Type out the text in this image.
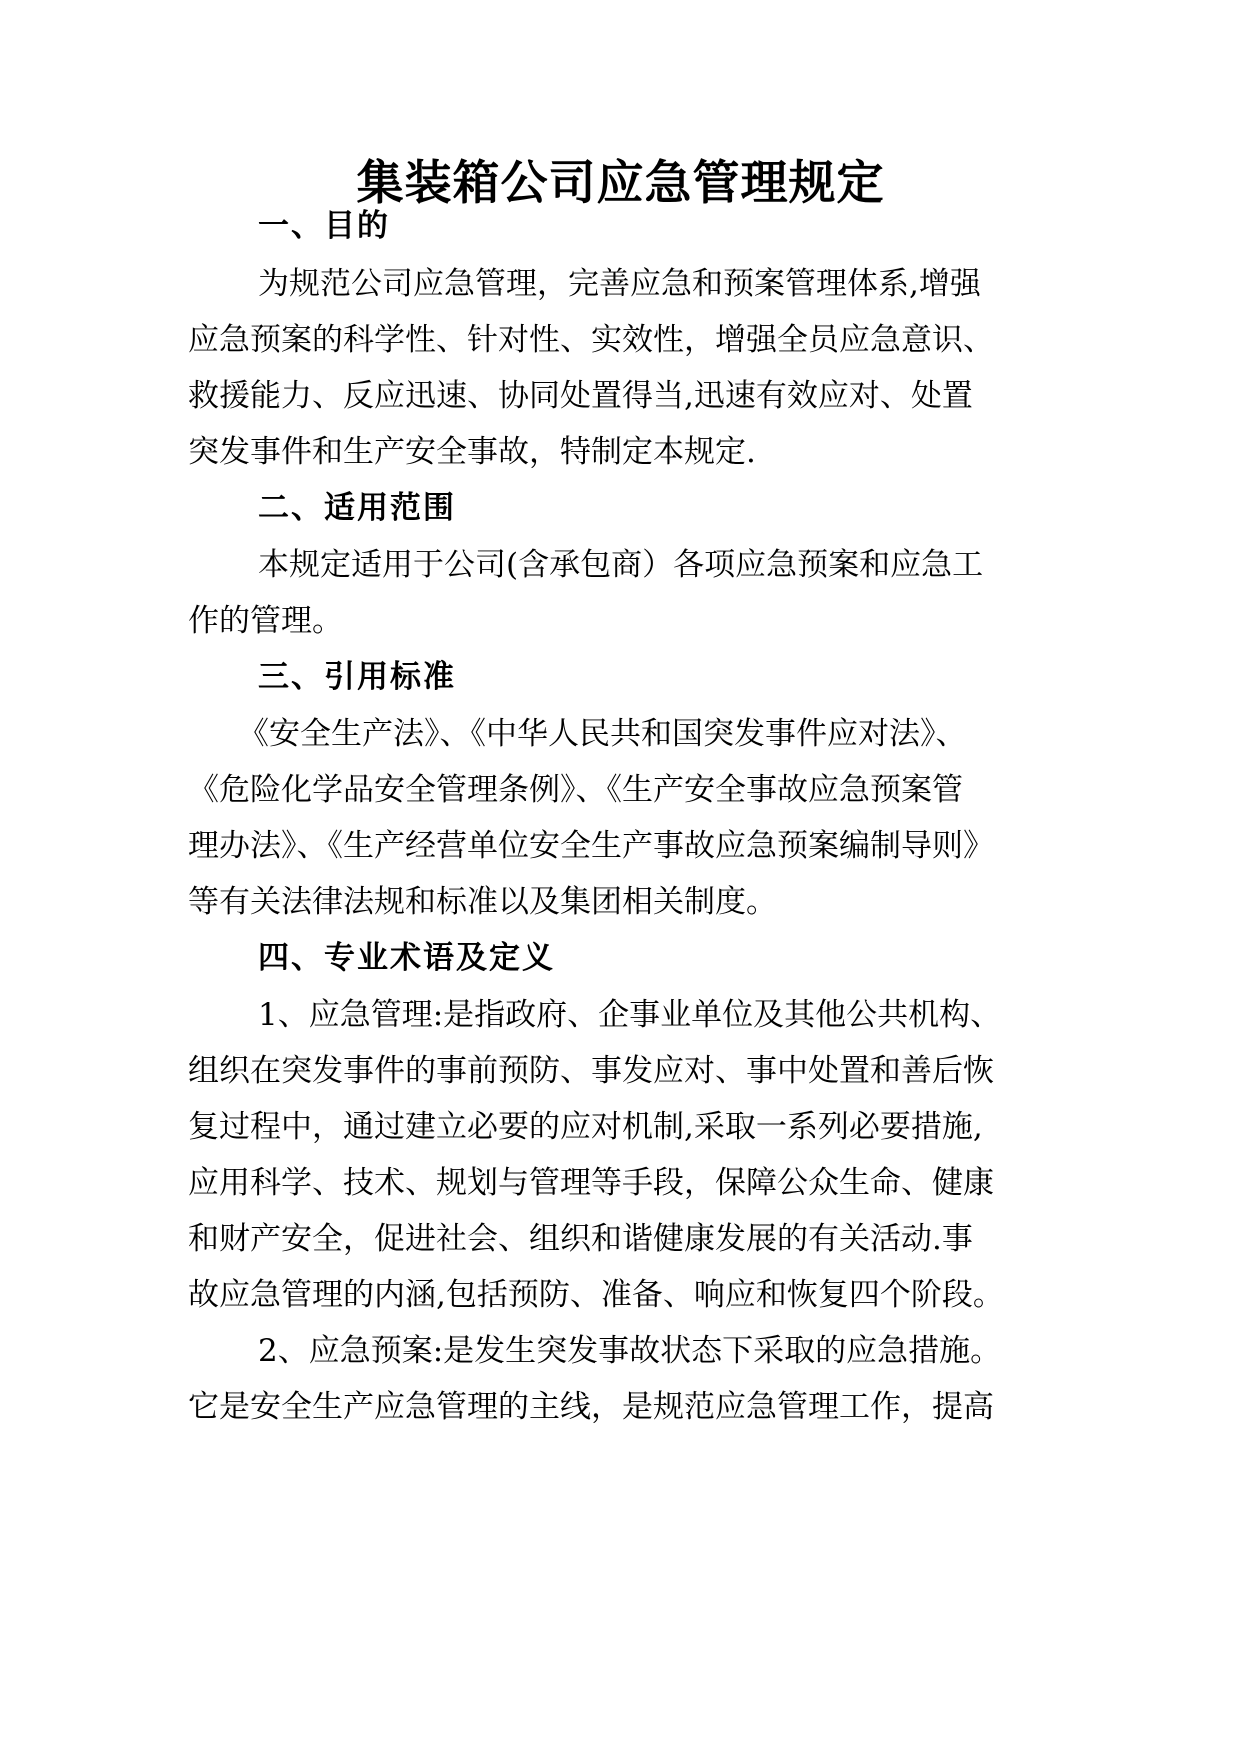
集装箱公司应急管理规定
一、目的
为规范公司应急管理，完善应急和预案管理体系,增强
应急预案的科学性、针对性、实效性，增强全员应急意识、
救援能力、反应迅速、协同处置得当,迅速有效应对、处置
突发事件和生产安全事故，特制定本规定.
二、适用范围
本规定适用于公司(含承包商）各项应急预案和应急工
作的管理。
三、引用标准
《安全生产法》、《中华人民共和国突发事件应对法》、
《危险化学品安全管理条例》、《生产安全事故应急预案管
理办法》、《生产经营单位安全生产事故应急预案编制导则》
等有关法律法规和标准以及集团相关制度。
四、专业术语及定义
1、应急管理:是指政府、企事业单位及其他公共机构、
组织在突发事件的事前预防、事发应对、事中处置和善后恢
复过程中，通过建立必要的应对机制,采取一系列必要措施,
应用科学、技术、规划与管理等手段，保障公众生命、健康
和财产安全，促进社会、组织和谐健康发展的有关活动.事
故应急管理的内涵,包括预防、准备、响应和恢复四个阶段。
2、应急预案:是发生突发事故状态下采取的应急措施。
它是安全生产应急管理的主线，是规范应急管理工作，提高
